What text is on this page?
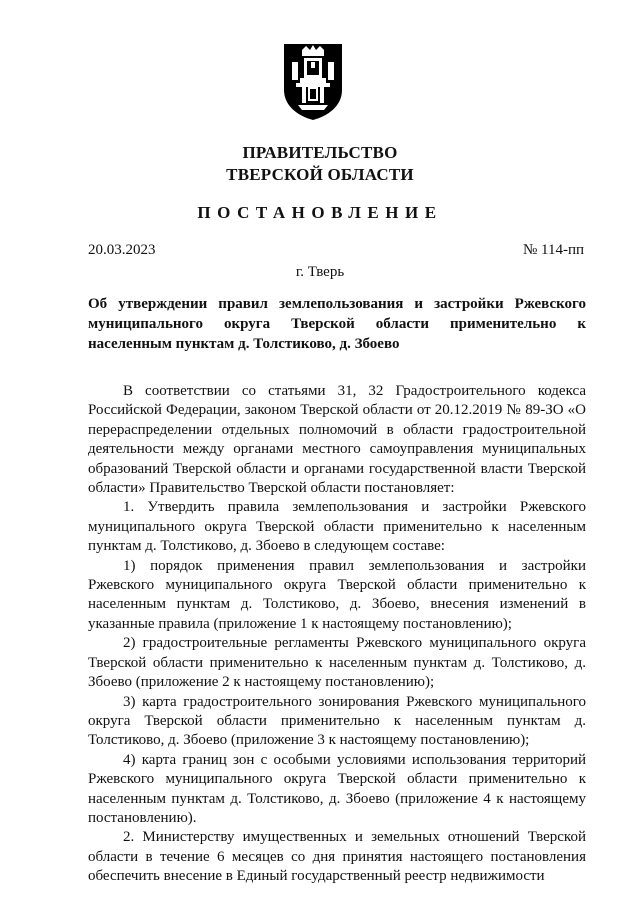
ПРАВИТЕЛЬСТВО
ТВЕРСКОЙ ОБЛАСТИ
ПОСТАНОВЛЕНИЕ
20.03.2023	№ 114-пп
г. Тверь
Об утверждении правил землепользования и застройки Ржевского муниципального округа Тверской области применительно к населенным пунктам д. Толстиково, д. Збоево

В соответствии со статьями 31, 32 Градостроительного кодекса Российской Федерации, законом Тверской области от 20.12.2019 № 89-ЗО «О перераспределении отдельных полномочий в области градостроительной деятельности между органами местного самоуправления муниципальных образований Тверской области и органами государственной власти Тверской области» Правительство Тверской области постановляет:

1. Утвердить правила землепользования и застройки Ржевского муниципального округа Тверской области применительно к населенным пунктам д. Толстиково, д. Збоево в следующем составе:

1) порядок применения правил землепользования и застройки Ржевского муниципального округа Тверской области применительно к населенным пунктам д. Толстиково, д. Збоево, внесения изменений в указанные правила (приложение 1 к настоящему постановлению);

2) градостроительные регламенты Ржевского муниципального округа Тверской области применительно к населенным пунктам д. Толстиково, д. Збоево (приложение 2 к настоящему постановлению);

3) карта градостроительного зонирования Ржевского муниципального округа Тверской области применительно к населенным пунктам д. Толстиково, д. Збоево (приложение 3 к настоящему постановлению);

4) карта границ зон с особыми условиями использования территорий Ржевского муниципального округа Тверской области применительно к населенным пунктам д. Толстиково, д. Збоево (приложение 4 к настоящему постановлению).

2. Министерству имущественных и земельных отношений Тверской области в течение 6 месяцев со дня принятия настоящего постановления обеспечить внесение в Единый государственный реестр недвижимости
